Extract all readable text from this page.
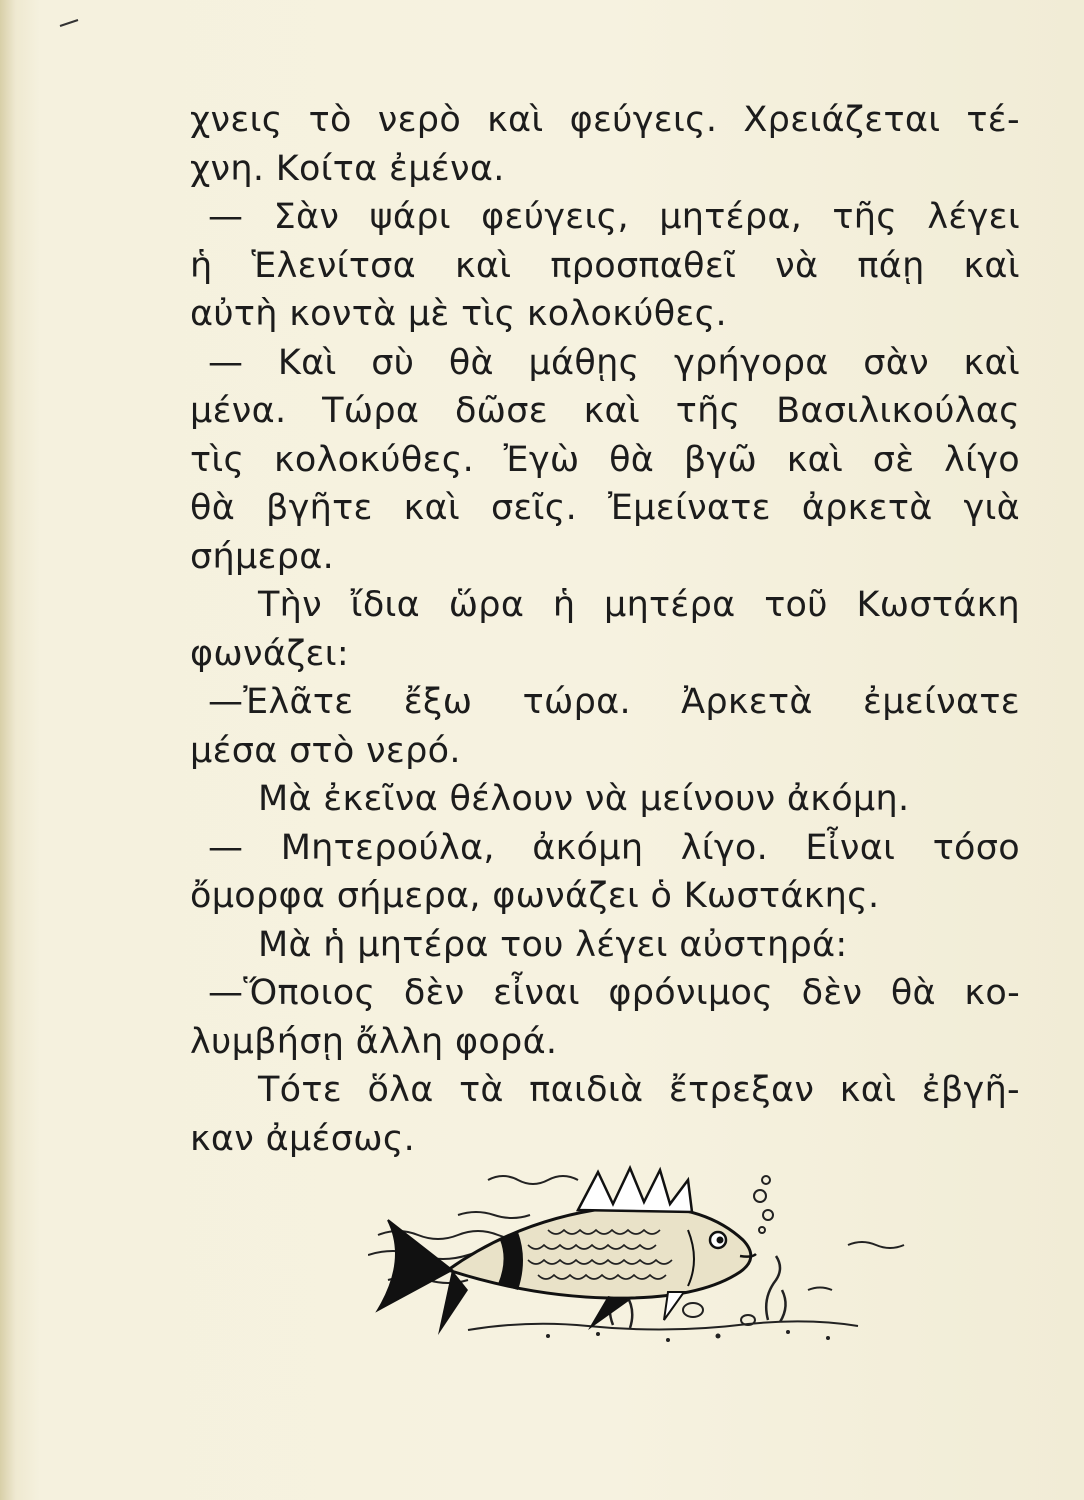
χνεις τὸ νερὸ καὶ φεύγεις. Χρειάζεται τέ-
χνη. Κοίτα ἐμένα.
— Σὰν ψάρι φεύγεις, μητέρα, τῆς λέγει
ἡ Ἑλενίτσα καὶ προσπαθεῖ νὰ πάῃ καὶ
αὐτὴ κοντὰ μὲ τὶς κολοκύθες.
— Καὶ σὺ θὰ μάθῃς γρήγορα σὰν καὶ
μένα. Τώρα δῶσε καὶ τῆς Βασιλικούλας
τὶς κολοκύθες. Ἐγὼ θὰ βγῶ καὶ σὲ λίγο
θὰ βγῆτε καὶ σεῖς. Ἐμείνατε ἀρκετὰ γιὰ
σήμερα.
Τὴν ἴδια ὥρα ἡ μητέρα τοῦ Κωστάκη
φωνάζει:
—Ἐλᾶτε ἔξω τώρα. Ἀρκετὰ ἐμείνατε
μέσα στὸ νερό.
Μὰ ἐκεῖνα θέλουν νὰ μείνουν ἀκόμη.
— Μητερούλα, ἀκόμη λίγο. Εἶναι τόσο
ὄμορφα σήμερα, φωνάζει ὁ Κωστάκης.
Μὰ ἡ μητέρα του λέγει αὐστηρά:
—Ὅποιος δὲν εἶναι φρόνιμος δὲν θὰ κο-
λυμβήσῃ ἄλλη φορά.
Τότε ὅλα τὰ παιδιὰ ἔτρεξαν καὶ ἐβγῆ-
καν ἀμέσως.
